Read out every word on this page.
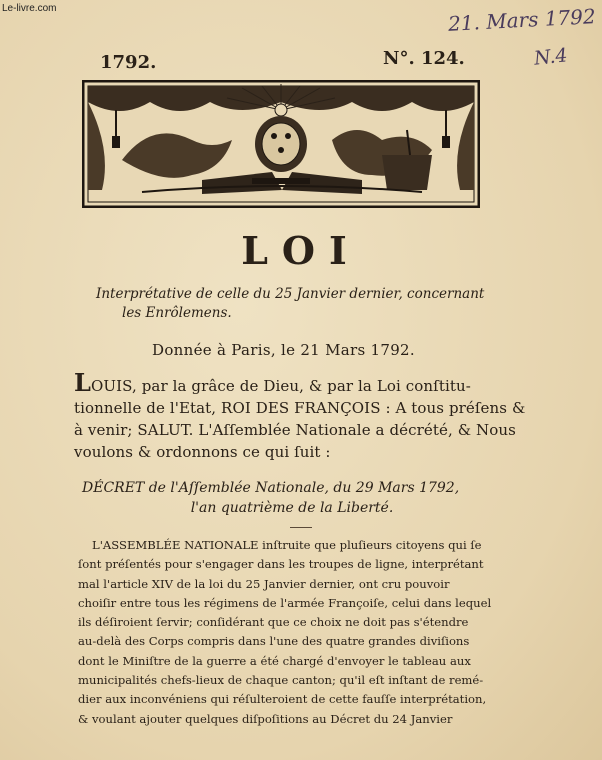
Le-livre.com	21. Mars 1792
N.4
1792.	N°. 124.
LOI
Interprétative de celle du 25 Janvier dernier, concernant
les Enrôlemens.
Donnée à Paris, le 21 Mars 1792.
LOUIS, par la grâce de Dieu, & par la Loi conſtitu-
tionnelle de l'Etat, ROI DES FRANÇOIS : A tous préſens &
à venir; SALUT. L'Aſſemblée Nationale a décrété, & Nous
voulons & ordonnons ce qui ſuit :
DÉCRET de l'Aſſemblée Nationale, du 29 Mars 1792,
l'an quatrième de la Liberté.
L'ASSEMBLÉE NATIONALE inſtruite que pluſieurs citoyens qui ſe
ſont préſentés pour s'engager dans les troupes de ligne, interprétant
mal l'article XIV de la loi du 25 Janvier dernier, ont cru pouvoir
choiſir entre tous les régimens de l'armée Françoiſe, celui dans lequel
ils déſiroient ſervir; conſidérant que ce choix ne doit pas s'étendre
au-delà des Corps compris dans l'une des quatre grandes diviſions
dont le Miniſtre de la guerre a été chargé d'envoyer le tableau aux
municipalités chefs-lieux de chaque canton; qu'il eſt inſtant de remé-
dier aux inconvéniens qui réſulteroient de cette fauſſe interprétation,
& voulant ajouter quelques diſpoſitions au Décret du 24 Janvier
